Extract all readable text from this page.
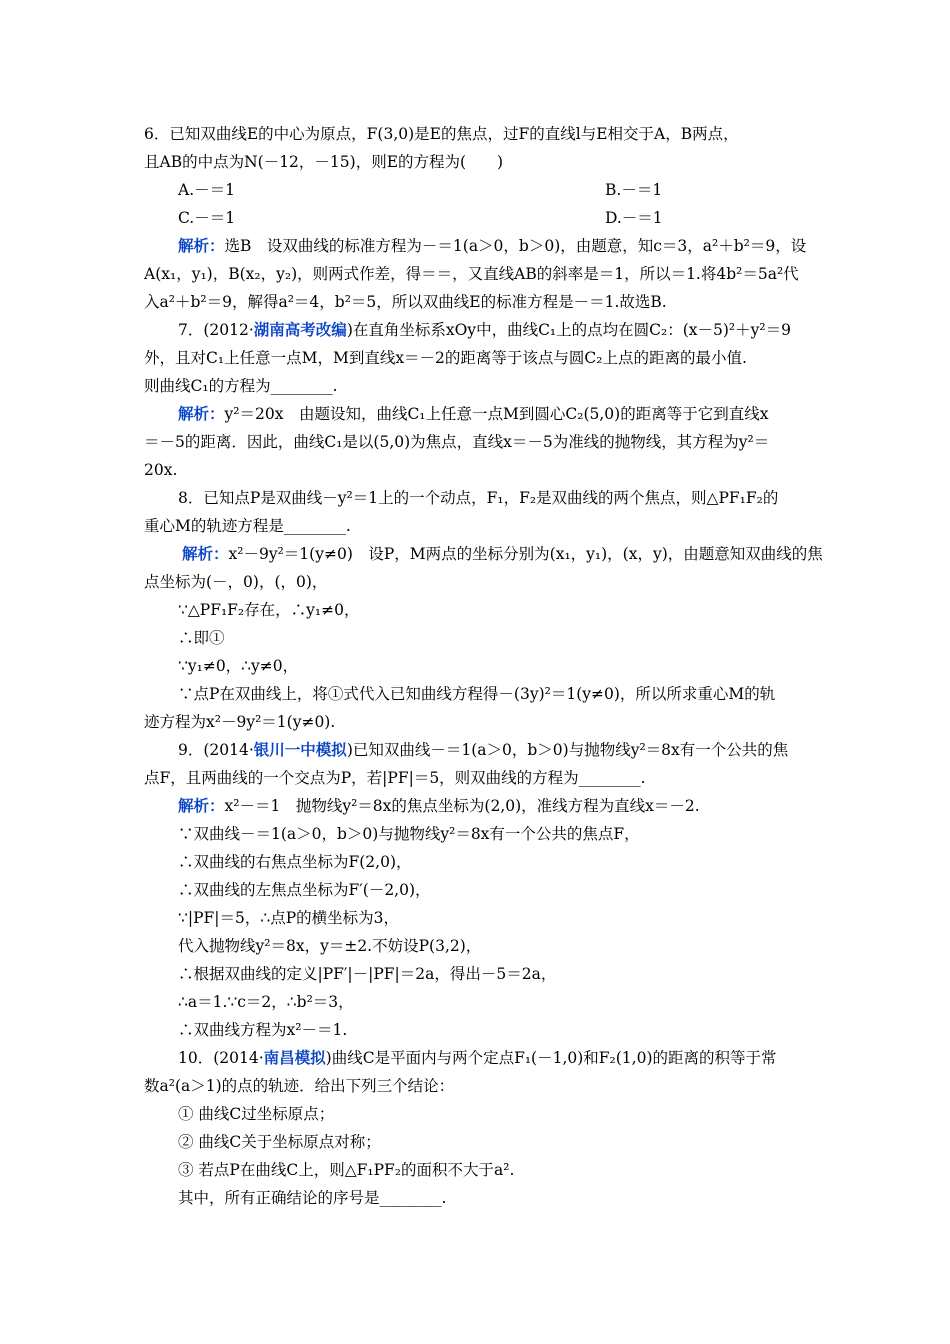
6．已知双曲线E的中心为原点，F(3,0)是E的焦点，过F的直线l与E相交于A，B两点，
且AB的中点为N(－12，－15)，则E的方程为(　　)
A.－＝1	B.－＝1
C.－＝1	D.－＝1
解析：选B　设双曲线的标准方程为－＝1(a＞0，b＞0)，由题意，知c＝3，a²＋b²＝9，设
A(x₁，y₁)，B(x₂，y₂)，则两式作差，得＝＝，又直线AB的斜率是＝1，所以＝1.将4b²＝5a²代
入a²＋b²＝9，解得a²＝4，b²＝5，所以双曲线E的标准方程是－＝1.故选B.
7．(2012·湖南高考改编)在直角坐标系xOy中，曲线C₁上的点均在圆C₂：(x－5)²＋y²＝9
外，且对C₁上任意一点M，M到直线x＝－2的距离等于该点与圆C₂上点的距离的最小值.
则曲线C₁的方程为________.
解析：y²＝20x　由题设知，曲线C₁上任意一点M到圆心C₂(5,0)的距离等于它到直线x
＝－5的距离．因此，曲线C₁是以(5,0)为焦点，直线x＝－5为准线的抛物线，其方程为y²＝
20x.
8．已知点P是双曲线－y²＝1上的一个动点，F₁，F₂是双曲线的两个焦点，则△PF₁F₂的
重心M的轨迹方程是________.
解析：x²－9y²＝1(y≠0)　设P，M两点的坐标分别为(x₁，y₁)，(x，y)，由题意知双曲线的焦
点坐标为(－，0)，(，0)，
∵△PF₁F₂存在，∴y₁≠0，
∴即①
∵y₁≠0，∴y≠0，
∵点P在双曲线上，将①式代入已知曲线方程得－(3y)²＝1(y≠0)，所以所求重心M的轨
迹方程为x²－9y²＝1(y≠0).
9．(2014·银川一中模拟)已知双曲线－＝1(a＞0，b＞0)与抛物线y²＝8x有一个公共的焦
点F，且两曲线的一个交点为P，若|PF|＝5，则双曲线的方程为________.
解析：x²－＝1　抛物线y²＝8x的焦点坐标为(2,0)，准线方程为直线x＝－2.
∵双曲线－＝1(a＞0，b＞0)与抛物线y²＝8x有一个公共的焦点F，
∴双曲线的右焦点坐标为F(2,0)，
∴双曲线的左焦点坐标为F′(－2,0)，
∵|PF|＝5，∴点P的横坐标为3，
代入抛物线y²＝8x，y＝±2.不妨设P(3,2)，
∴根据双曲线的定义|PF′|－|PF|＝2a，得出－5＝2a，
∴a＝1.∵c＝2，∴b²＝3，
∴双曲线方程为x²－＝1.
10．(2014·南昌模拟)曲线C是平面内与两个定点F₁(－1,0)和F₂(1,0)的距离的积等于常
数a²(a＞1)的点的轨迹．给出下列三个结论：
① 曲线C过坐标原点；
② 曲线C关于坐标原点对称；
③ 若点P在曲线C上，则△F₁PF₂的面积不大于a².
其中，所有正确结论的序号是________.
